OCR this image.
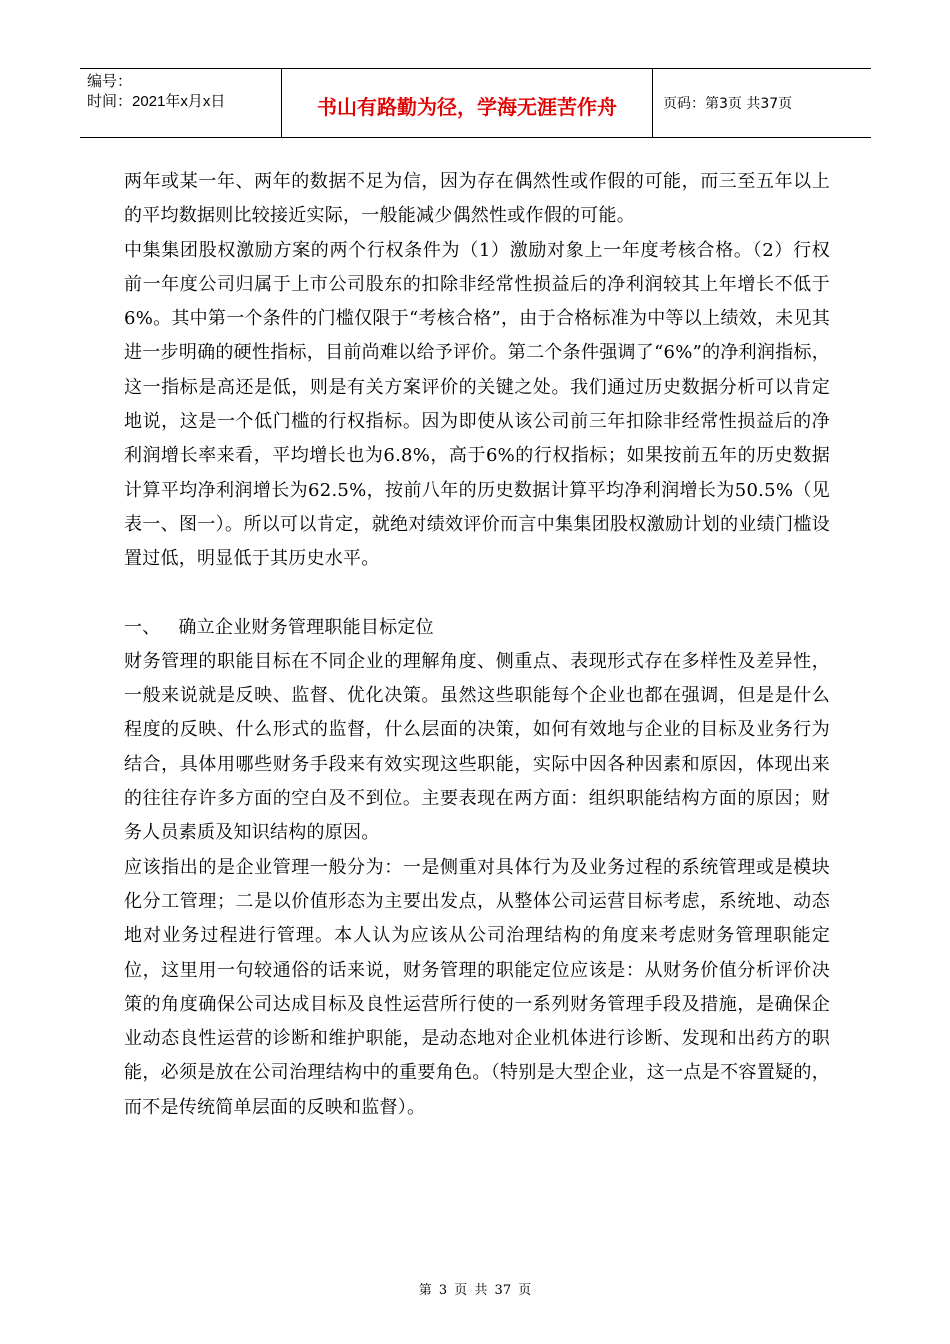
编号：
时间：2021年x月x日	书山有路勤为径，学海无涯苦作舟	页码：第3页 共37页

两年或某一年、两年的数据不足为信，因为存在偶然性或作假的可能，而三至五年以上的平均数据则比较接近实际，一般能减少偶然性或作假的可能。

中集集团股权激励方案的两个行权条件为（1）激励对象上一年度考核合格。（2）行权前一年度公司归属于上市公司股东的扣除非经常性损益后的净利润较其上年增长不低于 6%。其中第一个条件的门槛仅限于“考核合格”，由于合格标准为中等以上绩效，未见其进一步明确的硬性指标，目前尚难以给予评价。第二个条件强调了“6%”的净利润指标，这一指标是高还是低，则是有关方案评价的关键之处。我们通过历史数据分析可以肯定地说，这是一个低门槛的行权指标。因为即使从该公司前三年扣除非经常性损益后的净利润增长率来看，平均增长也为6.8%，高于6%的行权指标；如果按前五年的历史数据计算平均净利润增长为62.5%，按前八年的历史数据计算平均净利润增长为50.5%（见表一、图一）。所以可以肯定，就绝对绩效评价而言中集集团股权激励计划的业绩门槛设置过低，明显低于其历史水平。

一、   确立企业财务管理职能目标定位

财务管理的职能目标在不同企业的理解角度、侧重点、表现形式存在多样性及差异性，一般来说就是反映、监督、优化决策。虽然这些职能每个企业也都在强调，但是是什么程度的反映、什么形式的监督，什么层面的决策，如何有效地与企业的目标及业务行为结合，具体用哪些财务手段来有效实现这些职能，实际中因各种因素和原因，体现出来的往往存许多方面的空白及不到位。主要表现在两方面：组织职能结构方面的原因；财务人员素质及知识结构的原因。

应该指出的是企业管理一般分为：一是侧重对具体行为及业务过程的系统管理或是模块化分工管理；二是以价值形态为主要出发点，从整体公司运营目标考虑，系统地、动态地对业务过程进行管理。本人认为应该从公司治理结构的角度来考虑财务管理职能定位，这里用一句较通俗的话来说，财务管理的职能定位应该是：从财务价值分析评价决策的角度确保公司达成目标及良性运营所行使的一系列财务管理手段及措施，是确保企业动态良性运营的诊断和维护职能，是动态地对企业机体进行诊断、发现和出药方的职能，必须是放在公司治理结构中的重要角色。（特别是大型企业，这一点是不容置疑的，而不是传统简单层面的反映和监督）。

第 3 页 共 37 页
